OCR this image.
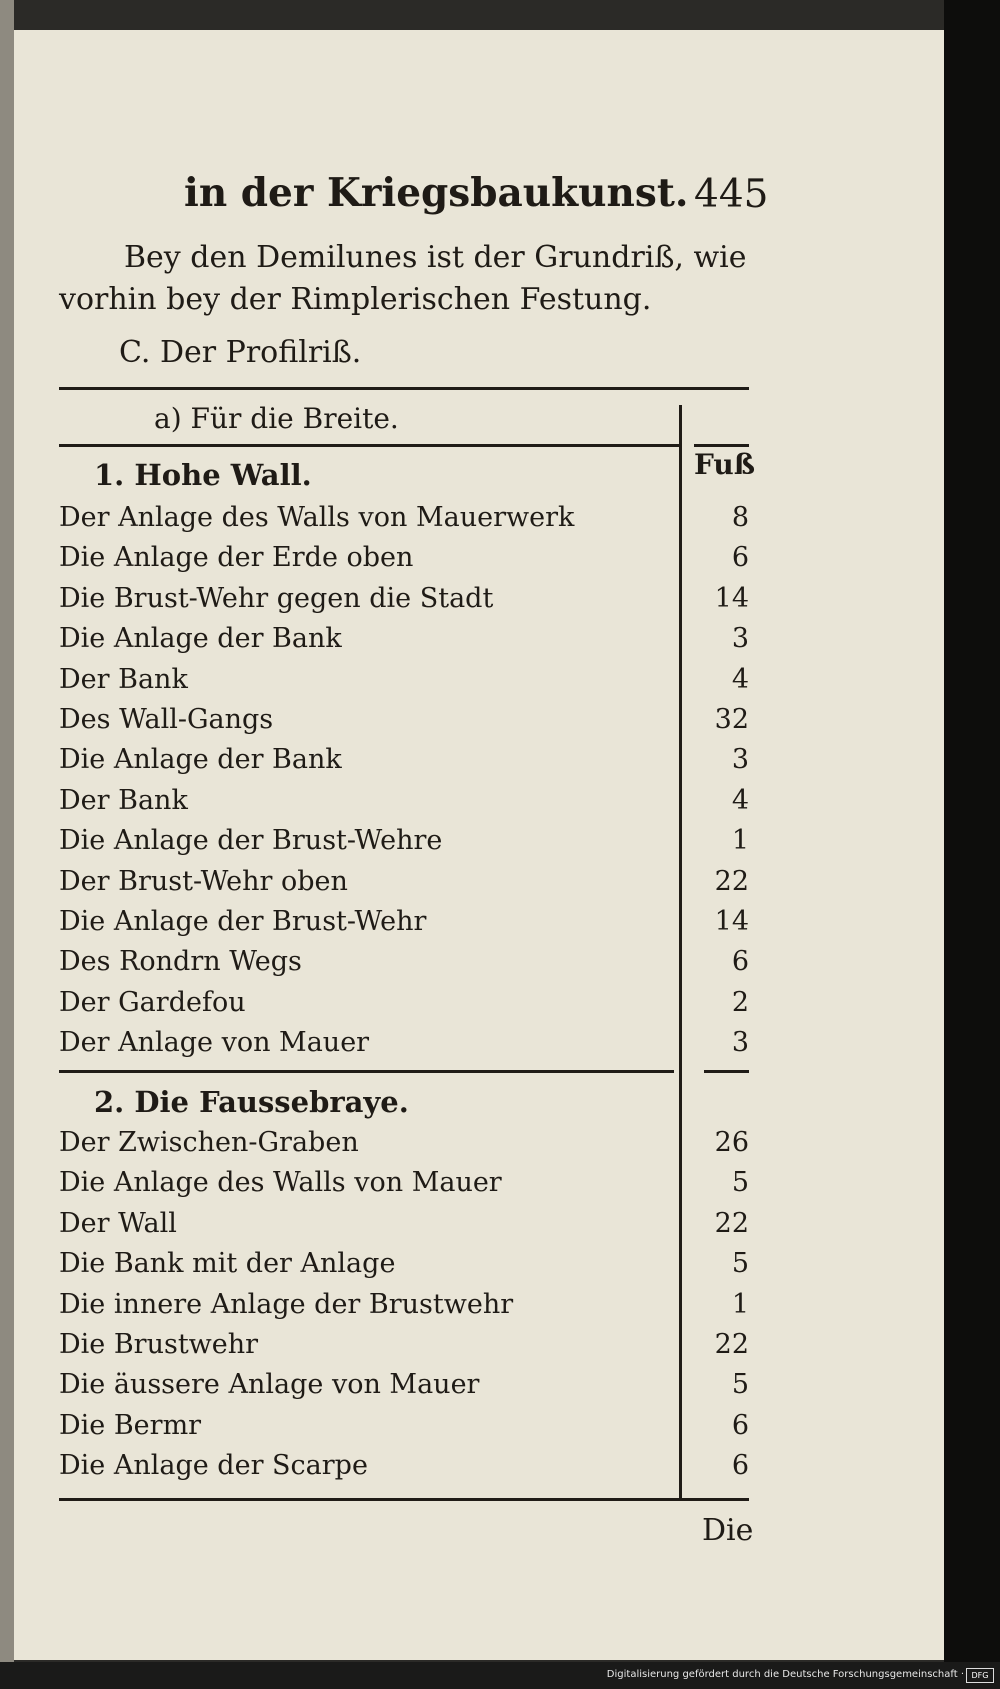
in der Kriegsbaukunst. 445
Bey den Demilunes ist der Grundriß, wie
vorhin bey der Rimplerischen Festung.
C. Der Profilriß.
a) Für die Breite.
Fuß
1. Hohe Wall.
Der Anlage des Walls von Mauerwerk	8
Die Anlage der Erde oben	6
Die Brust-Wehr gegen die Stadt	14
Die Anlage der Bank	3
Der Bank	4
Des Wall-Gangs	32
Die Anlage der Bank	3
Der Bank	4
Die Anlage der Brust-Wehre	1
Der Brust-Wehr oben	22
Die Anlage der Brust-Wehr	14
Des Rondrn Wegs	6
Der Gardefou	2
Der Anlage von Mauer	3
2. Die Faussebraye.
Der Zwischen-Graben	26
Die Anlage des Walls von Mauer	5
Der Wall	22
Die Bank mit der Anlage	5
Die innere Anlage der Brustwehr	1
Die Brustwehr	22
Die äussere Anlage von Mauer	5
Die Bermr	6
Die Anlage der Scarpe	6
Die
Digitalisierung gefördert durch die Deutsche Forschungsgemeinschaft · DFG
